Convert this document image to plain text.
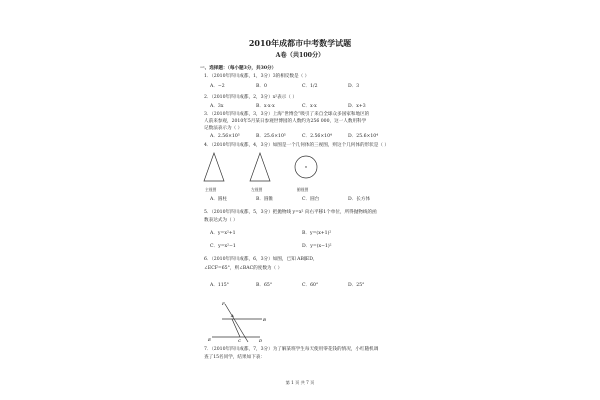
2010年成都市中考数学试题
A卷（共100分）
一、选择题：（每小题3分，共30分）
1．（2010年四川成都，1，3分）3的相反数是（ ）
A．−2	B．0	C．1/2	D．3
2．（2010年四川成都，2，3分）x²表示（ ）
A．3x	B．x·x·x	C．x·x	D．x+3
3．（2010年四川成都，3，3分）上海“世博会”吸引了来自全球众多国家和地区的
人前来参观，2010年5月某日参观世博园的人数约为256 000，这一人数用科学
记数法表示为（ ）
A．2.56×10⁵	B．25.6×10⁵	C．2.56×10⁴	D．25.6×10⁴
4．（2010年四川成都，4，3分）如图是一个几何体的三视图，则这个几何体的形状是（ ）
主视图	左视图	俯视图
A．圆柱	B．圆锥	C．圆台	D．长方体
5．（2010年四川成都，5，3分）把抛物线 y=x² 向右平移1个单位，所得抛物线的函
数表达式为（ ）
A．y=x²+1	B．y=(x+1)²
C．y=x²−1	D．y=(x−1)²
6．（2010年四川成都，6，3分）如图，已知 AB∥ED，
∠ECF=65°，则∠BAC的度数为（ ）
A．115°	B．65°	C．60°	D．25°
F
A
B
E	C	D
7．（2010年四川成都，7，3分）为了解某班学生每天使用零花钱的情况，小红随机调
查了15名同学，结果如下表：
第 1 页 共 7 页
